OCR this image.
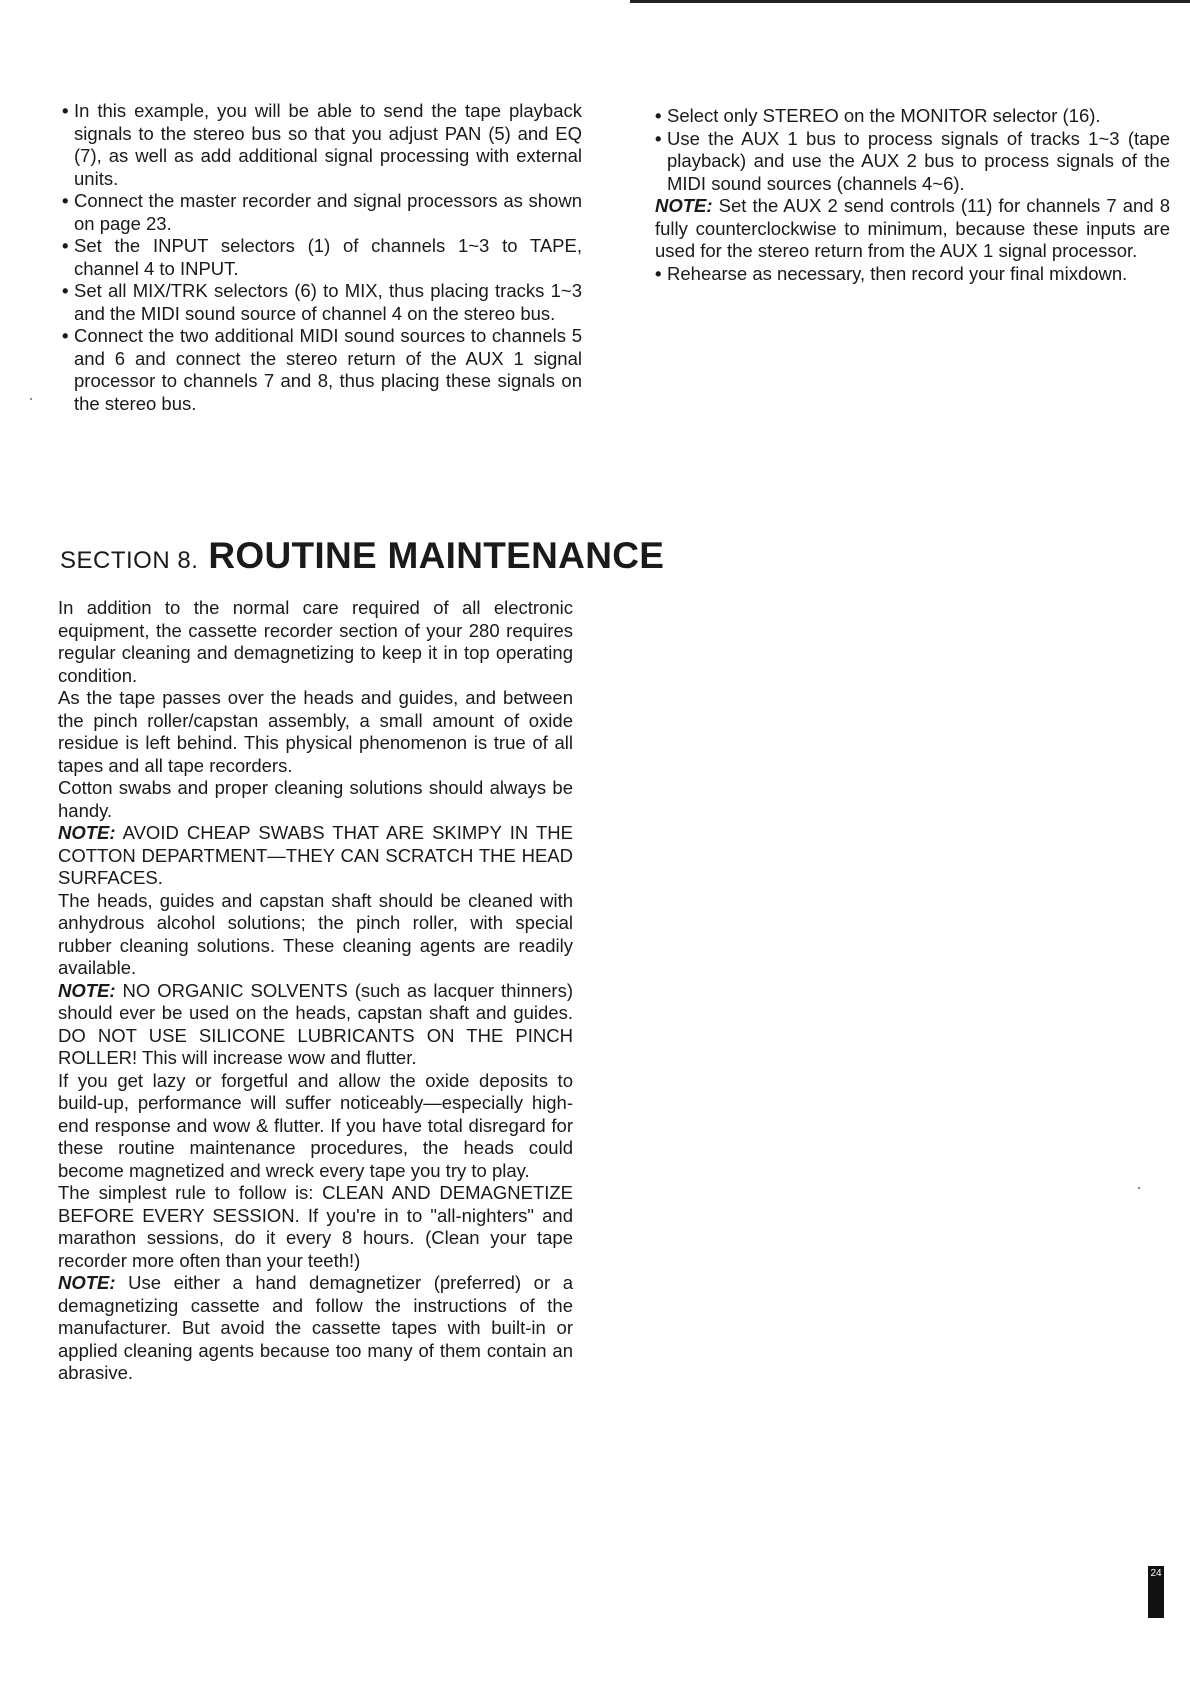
• In this example, you will be able to send the tape playback signals to the stereo bus so that you adjust PAN (5) and EQ (7), as well as add additional signal processing with external units.

• Connect the master recorder and signal processors as shown on page 23.

• Set the INPUT selectors (1) of channels 1~3 to TAPE, channel 4 to INPUT.

• Set all MIX/TRK selectors (6) to MIX, thus placing tracks 1~3 and the MIDI sound source of channel 4 on the stereo bus.

• Connect the two additional MIDI sound sources to channels 5 and 6 and connect the stereo return of the AUX 1 signal processor to channels 7 and 8, thus placing these signals on the stereo bus.

• Select only STEREO on the MONITOR selector (16).

• Use the AUX 1 bus to process signals of tracks 1~3 (tape playback) and use the AUX 2 bus to process signals of the MIDI sound sources (channels 4~6).

NOTE: Set the AUX 2 send controls (11) for channels 7 and 8 fully counterclockwise to minimum, because these inputs are used for the stereo return from the AUX 1 signal processor.

• Rehearse as necessary, then record your final mixdown.

SECTION 8. ROUTINE MAINTENANCE

In addition to the normal care required of all electronic equipment, the cassette recorder section of your 280 requires regular cleaning and demagnetizing to keep it in top operating condition.

As the tape passes over the heads and guides, and between the pinch roller/capstan assembly, a small amount of oxide residue is left behind. This physical phenomenon is true of all tapes and all tape recorders.

Cotton swabs and proper cleaning solutions should always be handy.

NOTE: AVOID CHEAP SWABS THAT ARE SKIMPY IN THE COTTON DEPARTMENT—THEY CAN SCRATCH THE HEAD SURFACES.

The heads, guides and capstan shaft should be cleaned with anhydrous alcohol solutions; the pinch roller, with special rubber cleaning solutions. These cleaning agents are readily available.

NOTE: NO ORGANIC SOLVENTS (such as lacquer thinners) should ever be used on the heads, capstan shaft and guides. DO NOT USE SILICONE LUBRICANTS ON THE PINCH ROLLER! This will increase wow and flutter.

If you get lazy or forgetful and allow the oxide deposits to build-up, performance will suffer noticeably—especially high-end response and wow & flutter. If you have total disregard for these routine maintenance procedures, the heads could become magnetized and wreck every tape you try to play.

The simplest rule to follow is: CLEAN AND DEMAGNETIZE BEFORE EVERY SESSION. If you're in to "all-nighters" and marathon sessions, do it every 8 hours. (Clean your tape recorder more often than your teeth!)

NOTE: Use either a hand demagnetizer (preferred) or a demagnetizing cassette and follow the instructions of the manufacturer. But avoid the cassette tapes with built-in or applied cleaning agents because too many of them contain an abrasive.

24
